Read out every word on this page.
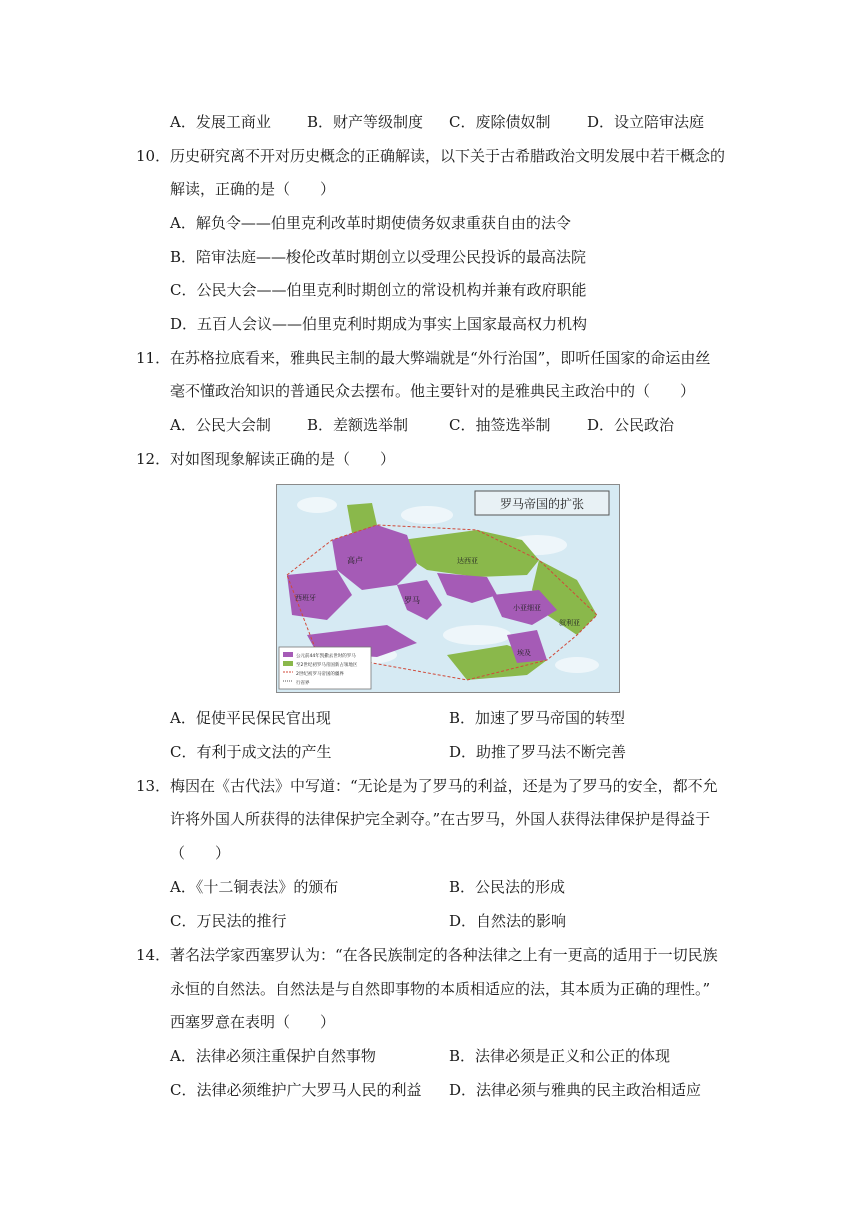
A．发展工商业 B．财产等级制度 C．废除债奴制 D．设立陪审法庭
10． 历史研究离不开对历史概念的正确解读，以下关于古希腊政治文明发展中若干概念的
解读，正确的是（　　）
A．解负令——伯里克利改革时期使债务奴隶重获自由的法令
B．陪审法庭——梭伦改革时期创立以受理公民投诉的最高法院
C．公民大会——伯里克利时期创立的常设机构并兼有政府职能
D．五百人会议——伯里克利时期成为事实上国家最高权力机构
11． 在苏格拉底看来，雅典民主制的最大弊端就是“外行治国”，即听任国家的命运由丝
毫不懂政治知识的普通民众去摆布。他主要针对的是雅典民主政治中的（　　）
A．公民大会制 B．差额选举制	C．抽签选举制 D．公民政治
12． 对如图现象解读正确的是（　　）
罗马帝国的扩张
高卢
罗马
西班牙
达西亚
小亚细亚
埃及
叙利亚
公元前44年凯撒去世时的罗马
至2世纪初罗马帝国新占领地区
2世纪初罗马帝国的疆界
行省界
A．促使平民保民官出现	B．加速了罗马帝国的转型
C．有利于成文法的产生	D．助推了罗马法不断完善
13． 梅因在《古代法》中写道：“无论是为了罗马的利益，还是为了罗马的安全，都不允
许将外国人所获得的法律保护完全剥夺。”在古罗马，外国人获得法律保护是得益于
（　　）
A．《十二铜表法》的颁布	B．公民法的形成
C．万民法的推行	D．自然法的影响
14． 著名法学家西塞罗认为：“在各民族制定的各种法律之上有一更高的适用于一切民族
永恒的自然法。自然法是与自然即事物的本质相适应的法，其本质为正确的理性。”
西塞罗意在表明（　　）
A．法律必须注重保护自然事物	B．法律必须是正义和公正的体现
C．法律必须维护广大罗马人民的利益 D．法律必须与雅典的民主政治相适应
